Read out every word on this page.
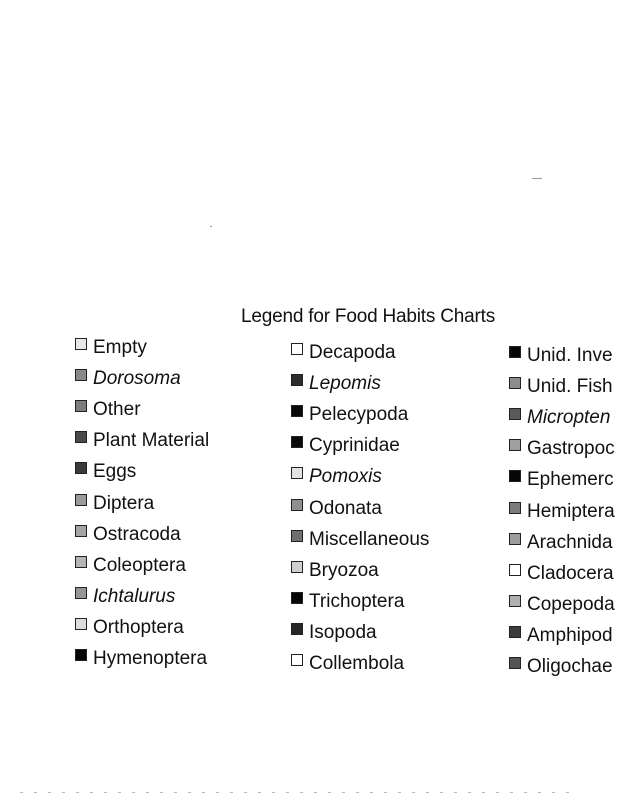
Legend for Food Habits Charts
Empty
Dorosoma
Other
Plant Material
Eggs
Diptera
Ostracoda
Coleoptera
Ichtalurus
Orthoptera
Hymenoptera
Decapoda
Lepomis
Pelecypoda
Cyprinidae
Pomoxis
Odonata
Miscellaneous
Bryozoa
Trichoptera
Isopoda
Collembola
Unid. Inve
Unid. Fish
Micropten
Gastropoc
Ephemerc
Hemiptera
Arachnida
Cladocera
Copepoda
Amphipod
Oligochae
